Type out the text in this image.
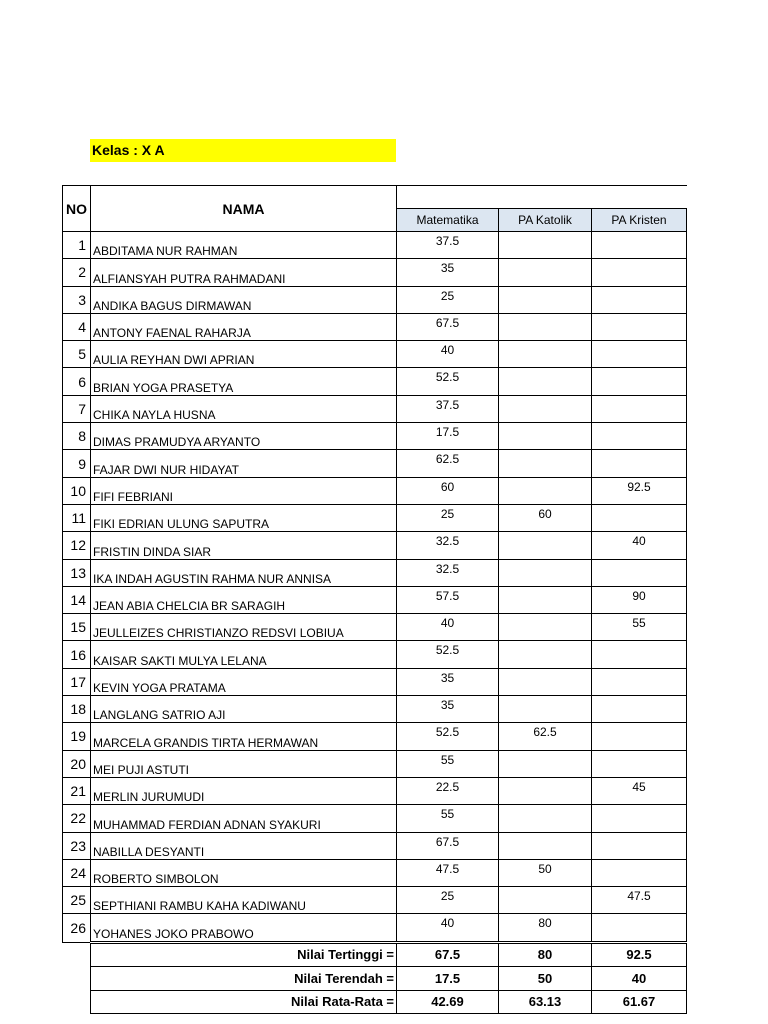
Kelas : X A
NO	NAMA			
		Matematika	PA Katolik	PA Kristen
1	ABDITAMA NUR RAHMAN	37.5		
2	ALFIANSYAH PUTRA RAHMADANI	35		
3	ANDIKA BAGUS DIRMAWAN	25		
4	ANTONY FAENAL RAHARJA	67.5		
5	AULIA REYHAN DWI APRIAN	40		
6	BRIAN YOGA PRASETYA	52.5		
7	CHIKA NAYLA HUSNA	37.5		
8	DIMAS PRAMUDYA ARYANTO	17.5		
9	FAJAR DWI NUR HIDAYAT	62.5		
10	FIFI FEBRIANI	60		92.5
11	FIKI EDRIAN ULUNG SAPUTRA	25	60	
12	FRISTIN DINDA SIAR	32.5		40
13	IKA INDAH AGUSTIN RAHMA NUR ANNISA	32.5		
14	JEAN ABIA CHELCIA BR SARAGIH	57.5		90
15	JEULLEIZES CHRISTIANZO REDSVI LOBIUA	40		55
16	KAISAR SAKTI MULYA LELANA	52.5		
17	KEVIN YOGA PRATAMA	35		
18	LANGLANG SATRIO AJI	35		
19	MARCELA GRANDIS TIRTA HERMAWAN	52.5	62.5	
20	MEI PUJI ASTUTI	55		
21	MERLIN JURUMUDI	22.5		45
22	MUHAMMAD FERDIAN ADNAN SYAKURI	55		
23	NABILLA DESYANTI	67.5		
24	ROBERTO SIMBOLON	47.5	50	
25	SEPTHIANI RAMBU KAHA KADIWANU	25		47.5
26	YOHANES JOKO PRABOWO	40	80	
	Nilai Tertinggi =	67.5	80	92.5
	Nilai Terendah =	17.5	50	40
	Nilai Rata-Rata =	42.69	63.13	61.67
